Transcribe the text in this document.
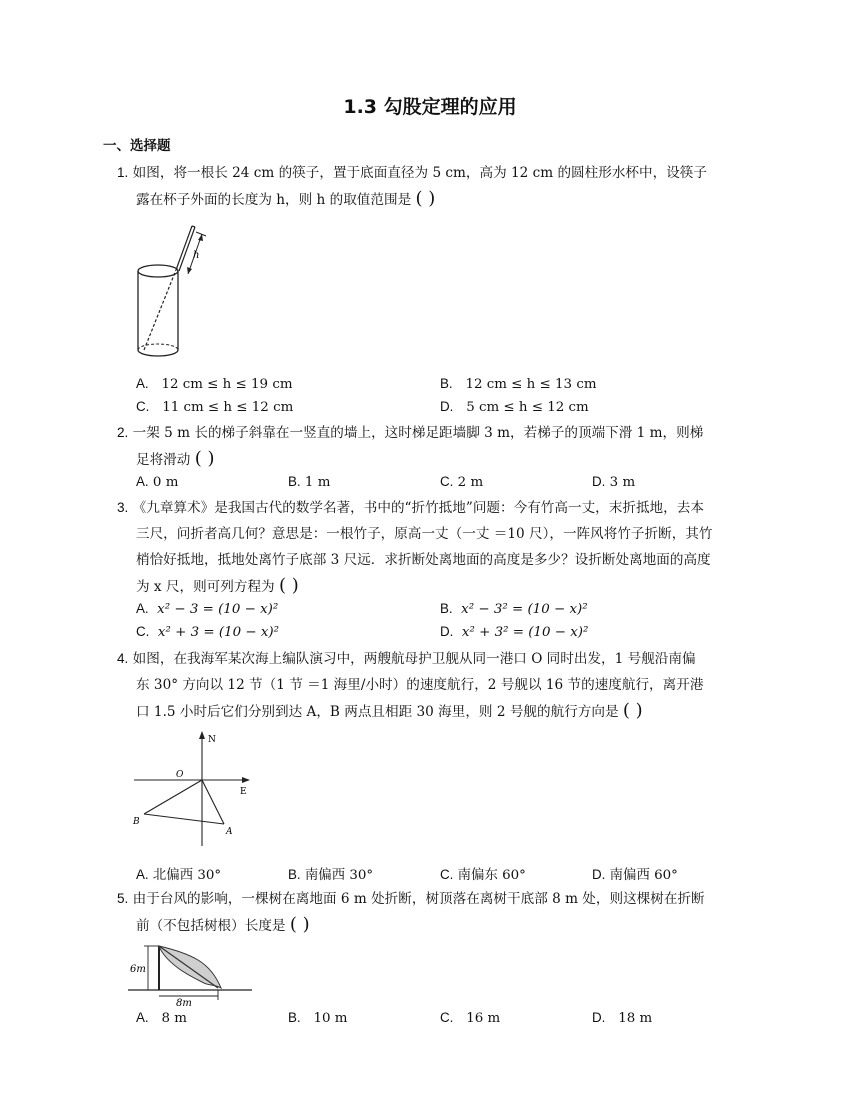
1.3 勾股定理的应用
一、选择题
1. 如图，将一根长 24 cm 的筷子，置于底面直径为 5 cm，高为 12 cm 的圆柱形水杯中，设筷子
露在杯子外面的长度为 h，则 h 的取值范围是 ( )
h
A. 12 cm ≤ h ≤ 19 cm	B. 12 cm ≤ h ≤ 13 cm
C. 11 cm ≤ h ≤ 12 cm	D. 5 cm ≤ h ≤ 12 cm
2. 一架 5 m 长的梯子斜靠在一竖直的墙上，这时梯足距墙脚 3 m，若梯子的顶端下滑 1 m，则梯
足将滑动 ( )
A. 0 m	B. 1 m	C. 2 m	D. 3 m
3. 《九章算术》是我国古代的数学名著，书中的“折竹抵地”问题：今有竹高一丈，末折抵地，去本
三尺，问折者高几何？意思是：一根竹子，原高一丈（一丈 ＝10 尺），一阵风将竹子折断，其竹
梢恰好抵地，抵地处离竹子底部 3 尺远．求折断处离地面的高度是多少？设折断处离地面的高度
为 x 尺，则可列方程为 ( )
A. x² − 3 = (10 − x)²	B. x² − 3² = (10 − x)²
C. x² + 3 = (10 − x)²	D. x² + 3² = (10 − x)²
4. 如图，在我海军某次海上编队演习中，两艘航母护卫舰从同一港口 O 同时出发，1 号舰沿南偏
东 30° 方向以 12 节（1 节 ＝1 海里/小时）的速度航行，2 号舰以 16 节的速度航行，离开港
口 1.5 小时后它们分别到达 A，B 两点且相距 30 海里，则 2 号舰的航行方向是 ( )
N
E
O
A
B
A. 北偏西 30°	B. 南偏西 30°	C. 南偏东 60°	D. 南偏西 60°
5. 由于台风的影响，一棵树在离地面 6 m 处折断，树顶落在离树干底部 8 m 处，则这棵树在折断
前（不包括树根）长度是 ( )
6m
8m
A. 8 m	B. 10 m	C. 16 m	D. 18 m
